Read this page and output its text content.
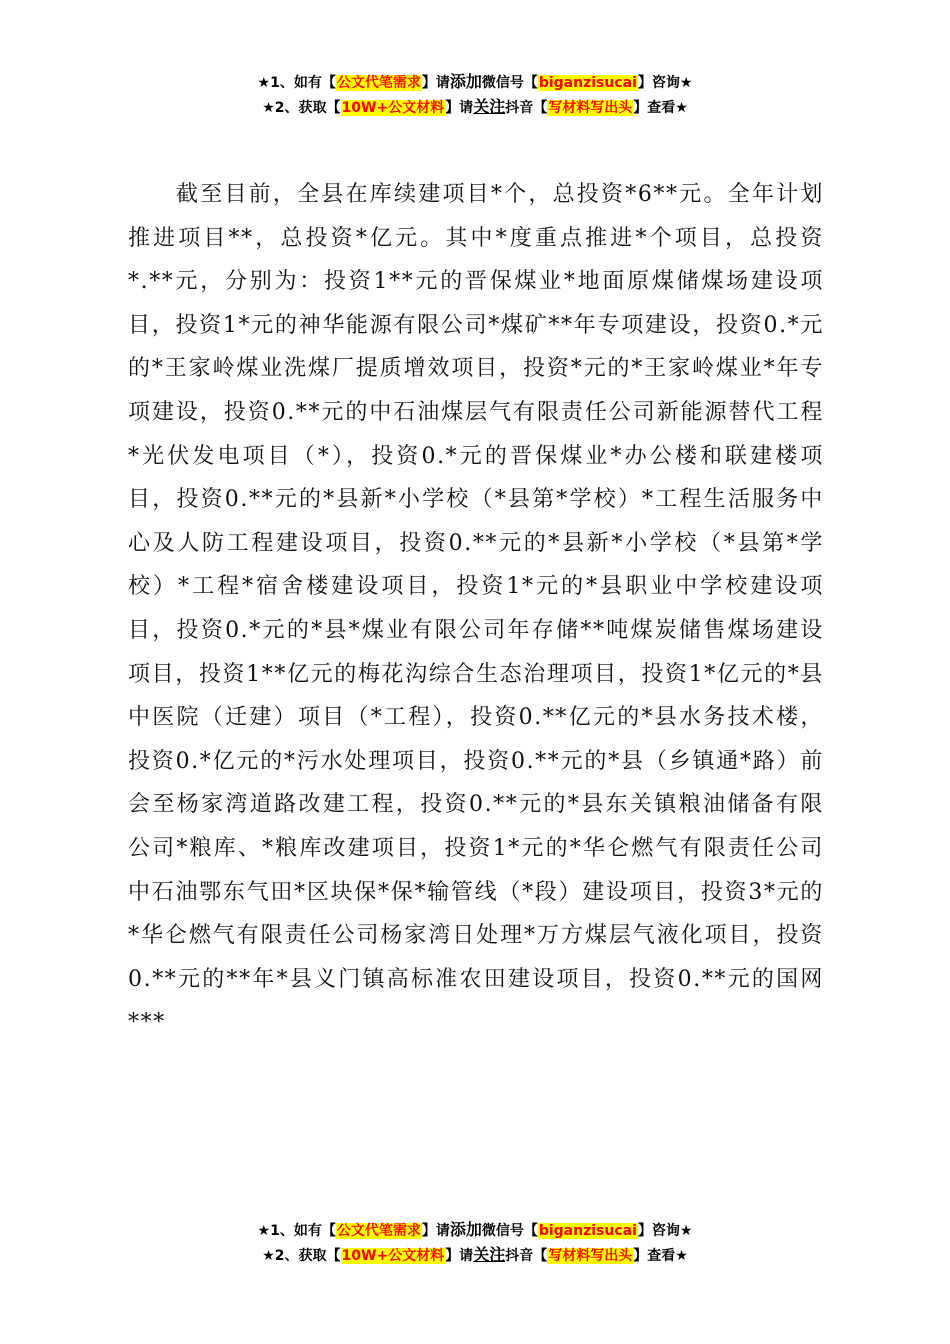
★1、如有【公文代笔需求】请添加微信号【biganzisucai】咨询★
★2、获取【10W+公文材料】请关注抖音【写材料写出头】查看★

截至目前，全县在库续建项目*个，总投资*6**元。全年计划推进项目**，总投资*亿元。其中*度重点推进*个项目，总投资*.**元，分别为：投资1**元的晋保煤业*地面原煤储煤场建设项目，投资1*元的神华能源有限公司*煤矿**年专项建设，投资0.*元的*王家岭煤业洗煤厂提质增效项目，投资*元的*王家岭煤业*年专项建设，投资0.**元的中石油煤层气有限责任公司新能源替代工程*光伏发电项目（*），投资0.*元的晋保煤业*办公楼和联建楼项目，投资0.**元的*县新*小学校（*县第*学校）*工程生活服务中心及人防工程建设项目，投资0.**元的*县新*小学校（*县第*学校）*工程*宿舍楼建设项目，投资1*元的*县职业中学校建设项目，投资0.*元的*县*煤业有限公司年存储**吨煤炭储售煤场建设项目，投资1**亿元的梅花沟综合生态治理项目，投资1*亿元的*县中医院（迁建）项目（*工程），投资0.**亿元的*县水务技术楼，投资0.*亿元的*污水处理项目，投资0.**元的*县（乡镇通*路）前会至杨家湾道路改建工程，投资0.**元的*县东关镇粮油储备有限公司*粮库、*粮库改建项目，投资1*元的*华仑燃气有限责任公司中石油鄂东气田*区块保*保*输管线（*段）建设项目，投资3*元的*华仑燃气有限责任公司杨家湾日处理*万方煤层气液化项目，投资0.**元的**年*县义门镇高标准农田建设项目，投资0.**元的国网***

★1、如有【公文代笔需求】请添加微信号【biganzisucai】咨询★
★2、获取【10W+公文材料】请关注抖音【写材料写出头】查看★
